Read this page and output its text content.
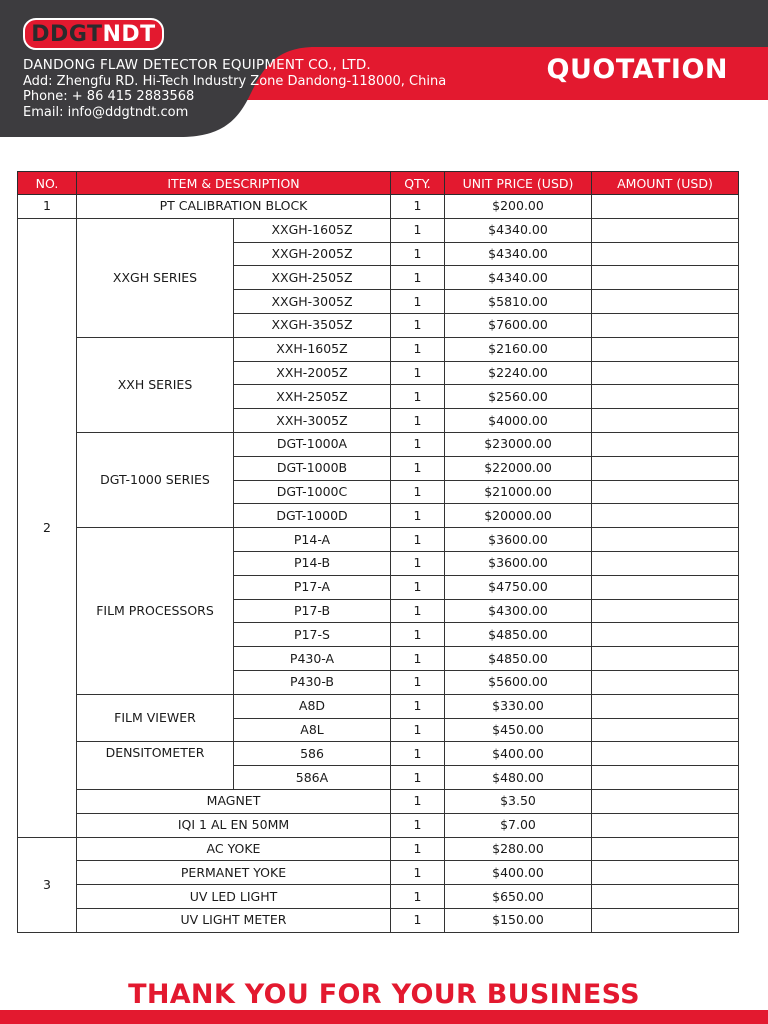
DDGT NDT
DANDONG FLAW DETECTOR EQUIPMENT CO., LTD.
Add: Zhengfu RD. Hi-Tech Industry Zone Dandong-118000, China
Phone: + 86 415 2883568
Email: info@ddgtndt.com
QUOTATION
NO.	ITEM & DESCRIPTION		QTY.	UNIT PRICE (USD)	AMOUNT (USD)
1	PT CALIBRATION BLOCK		1	$200.00	
2	XXGH SERIES	XXGH-1605Z	1	$4340.00	
		XXGH-2005Z	1	$4340.00	
		XXGH-2505Z	1	$4340.00	
		XXGH-3005Z	1	$5810.00	
		XXGH-3505Z	1	$7600.00	
	XXH SERIES	XXH-1605Z	1	$2160.00	
		XXH-2005Z	1	$2240.00	
		XXH-2505Z	1	$2560.00	
		XXH-3005Z	1	$4000.00	
	DGT-1000 SERIES	DGT-1000A	1	$23000.00	
		DGT-1000B	1	$22000.00	
		DGT-1000C	1	$21000.00	
		DGT-1000D	1	$20000.00	
	FILM PROCESSORS	P14-A	1	$3600.00	
		P14-B	1	$3600.00	
		P17-A	1	$4750.00	
		P17-B	1	$4300.00	
		P17-S	1	$4850.00	
		P430-A	1	$4850.00	
		P430-B	1	$5600.00	
	FILM VIEWER	A8D	1	$330.00	
		A8L	1	$450.00	
	DENSITOMETER	586	1	$400.00	
		586A	1	$480.00	
	MAGNET		1	$3.50	
	IQI 1 AL EN 50MM		1	$7.00	
3	AC YOKE		1	$280.00	
	PERMANET YOKE		1	$400.00	
	UV LED LIGHT		1	$650.00	
	UV LIGHT METER		1	$150.00	
THANK YOU FOR YOUR BUSINESS
